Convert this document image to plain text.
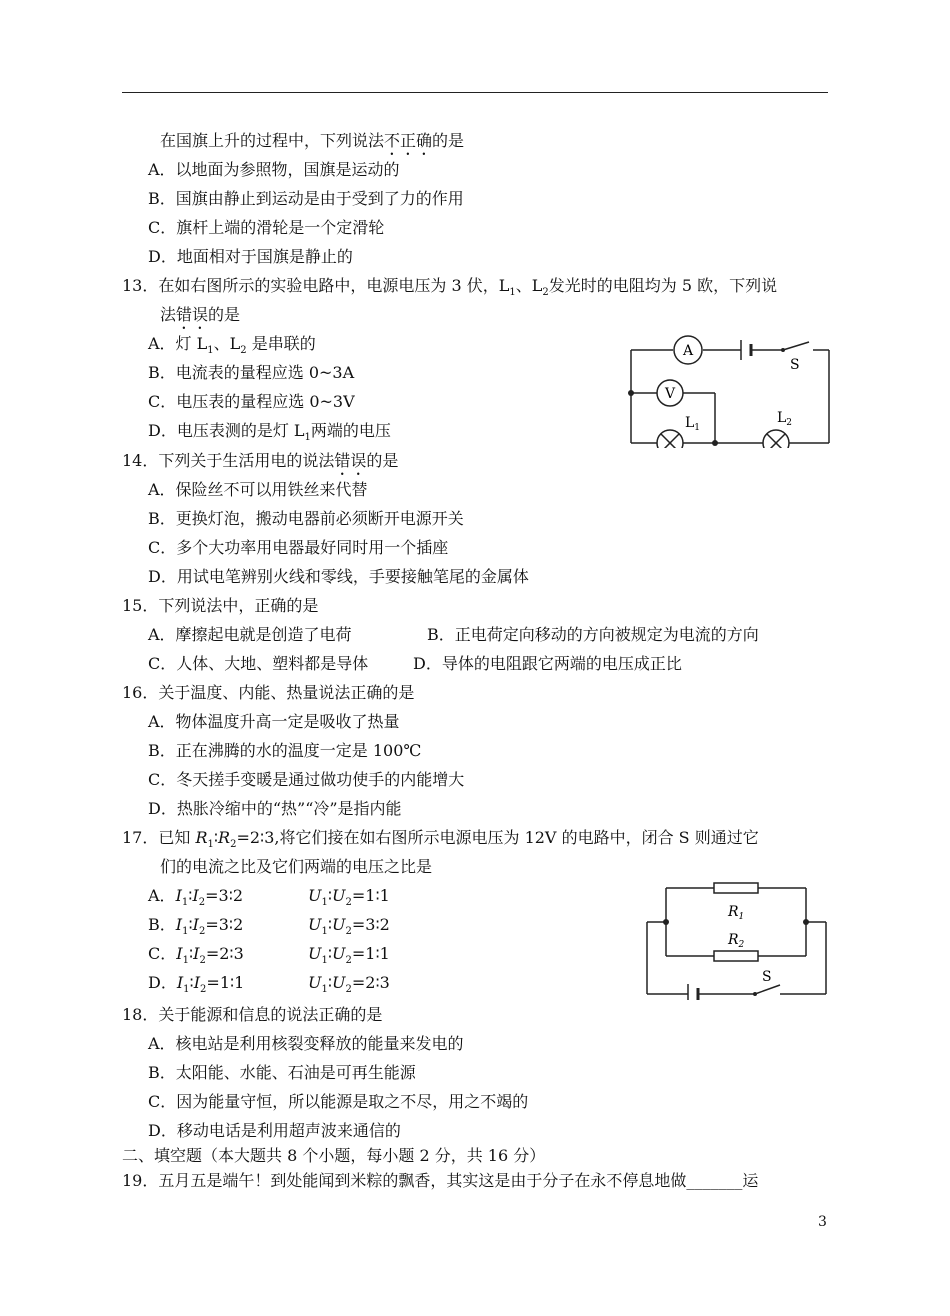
在国旗上升的过程中，下列说法不正确的是
A．以地面为参照物，国旗是运动的
B．国旗由静止到运动是由于受到了力的作用
C．旗杆上端的滑轮是一个定滑轮
D．地面相对于国旗是静止的
13．在如右图所示的实验电路中，电源电压为 3 伏，$L_1$、$L_2$发光时的电阻均为 5 欧，下列说
法错误的是
A．灯 $L_1$、$L_2$ 是串联的
B．电流表的量程应选 0~3A
C．电压表的量程应选 0~3V
D．电压表测的是灯 $L_1$两端的电压
A
V
S
$L_1$
$L_2$
14．下列关于生活用电的说法错误的是
A．保险丝不可以用铁丝来代替
B．更换灯泡，搬动电器前必须断开电源开关
C．多个大功率用电器最好同时用一个插座
D．用试电笔辨别火线和零线，手要接触笔尾的金属体
15．下列说法中，正确的是
A．摩擦起电就是创造了电荷	B．正电荷定向移动的方向被规定为电流的方向
C．人体、大地、塑料都是导体	D．导体的电阻跟它两端的电压成正比
16．关于温度、内能、热量说法正确的是
A．物体温度升高一定是吸收了热量
B．正在沸腾的水的温度一定是 100℃
C．冬天搓手变暖是通过做功使手的内能增大
D．热胀冷缩中的“热”“冷”是指内能
17．已知 $R_1∶R_2=2∶3$,将它们接在如右图所示电源电压为 12V 的电路中，闭合 S 则通过它
们的电流之比及它们两端的电压之比是
A．$I_1∶I_2=3∶2$	$U_1∶U_2=1∶1$
B．$I_1∶I_2=3∶2$	$U_1∶U_2=3∶2$
C．$I_1∶I_2=2∶3$	$U_1∶U_2=1∶1$
D．$I_1∶I_2=1∶1$	$U_1∶U_2=2∶3$
$R_1$
$R_2$
S
18．关于能源和信息的说法正确的是
A．核电站是利用核裂变释放的能量来发电的
B．太阳能、水能、石油是可再生能源
C．因为能量守恒，所以能源是取之不尽，用之不竭的
D．移动电话是利用超声波来通信的
二、填空题（本大题共 8 个小题，每小题 2 分，共 16 分）
19．五月五是端午！到处能闻到米粽的飘香，其实这是由于分子在永不停息地做_______运
3
